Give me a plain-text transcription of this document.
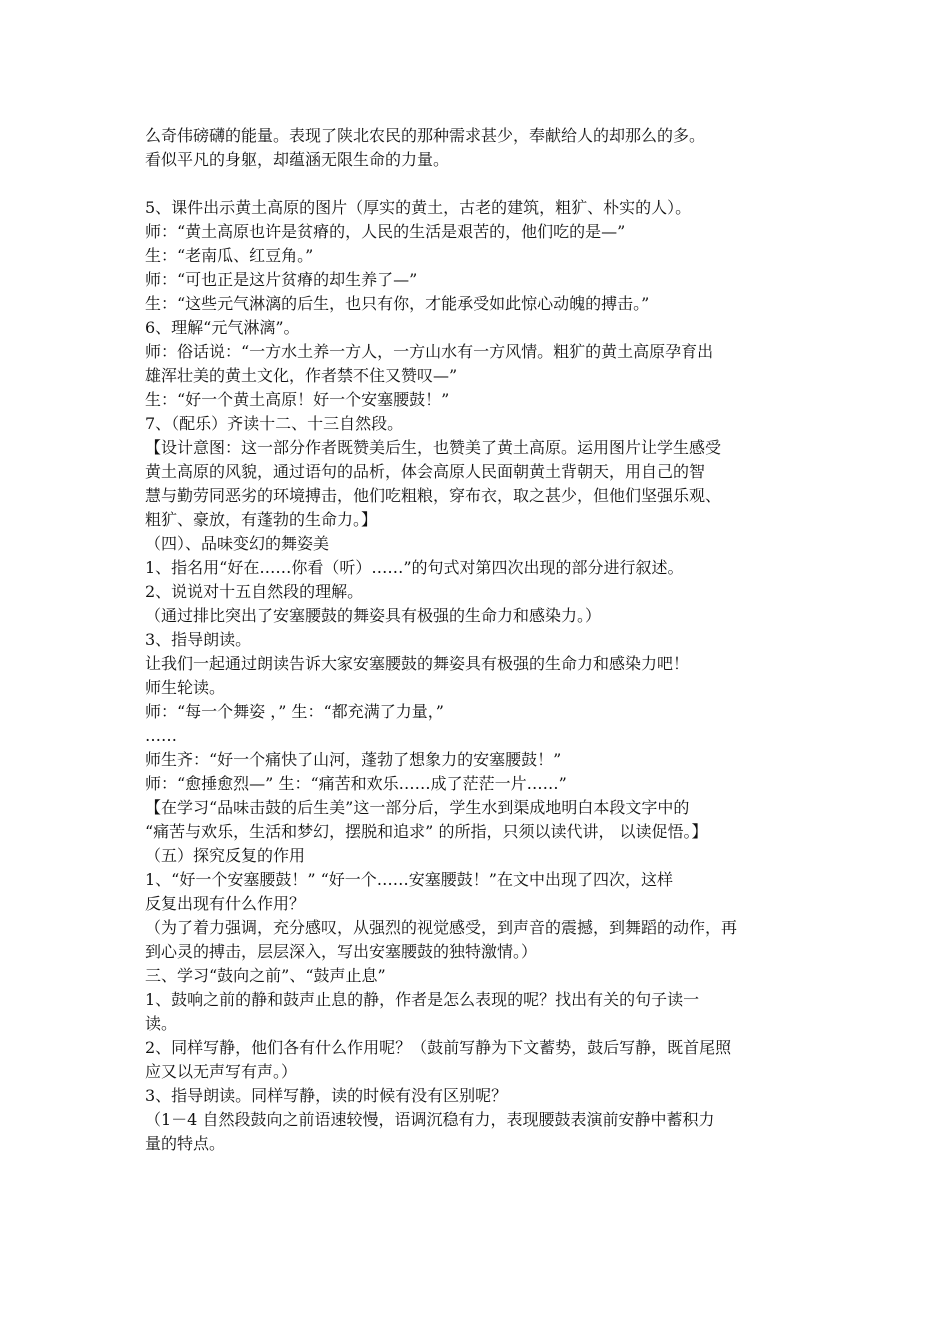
么奇伟磅礴的能量。表现了陕北农民的那种需求甚少，奉献给人的却那么的多。
看似平凡的身躯，却蕴涵无限生命的力量。
5、课件出示黄土高原的图片（厚实的黄土，古老的建筑，粗犷、朴实的人）。
师：“黄土高原也许是贫瘠的，人民的生活是艰苦的，他们吃的是—”
生：“老南瓜、红豆角。”
师：“可也正是这片贫瘠的却生养了—”
生：“这些元气淋漓的后生，也只有你，才能承受如此惊心动魄的搏击。”
6、理解“元气淋漓”。
师：俗话说：“一方水土养一方人，一方山水有一方风情。粗犷的黄土高原孕育出
雄浑壮美的黄土文化，作者禁不住又赞叹—”
生：“好一个黄土高原！好一个安塞腰鼓！”
7、（配乐）齐读十二、十三自然段。
【设计意图：这一部分作者既赞美后生，也赞美了黄土高原。运用图片让学生感受
黄土高原的风貌，通过语句的品析，体会高原人民面朝黄土背朝天，用自己的智
慧与勤劳同恶劣的环境搏击，他们吃粗粮，穿布衣，取之甚少，但他们坚强乐观、
粗犷、豪放，有蓬勃的生命力。】
（四）、品味变幻的舞姿美
1、指名用“好在……你看（听）……”的句式对第四次出现的部分进行叙述。
2、说说对十五自然段的理解。
（通过排比突出了安塞腰鼓的舞姿具有极强的生命力和感染力。）
3、指导朗读。
让我们一起通过朗读告诉大家安塞腰鼓的舞姿具有极强的生命力和感染力吧！
师生轮读。
师：“每一个舞姿 ，” 生：“都充满了力量，”
……
师生齐：“好一个痛快了山河，蓬勃了想象力的安塞腰鼓！”
师：“愈捶愈烈—” 生：“痛苦和欢乐……成了茫茫一片……”
【在学习“品味击鼓的后生美”这一部分后，学生水到渠成地明白本段文字中的
“痛苦与欢乐，生活和梦幻，摆脱和追求” 的所指，只须以读代讲， 以读促悟。】
（五）探究反复的作用
1、“好一个安塞腰鼓！” “好一个……安塞腰鼓！”在文中出现了四次，这样
反复出现有什么作用？
（为了着力强调，充分感叹，从强烈的视觉感受，到声音的震撼，到舞蹈的动作，再
到心灵的搏击，层层深入，写出安塞腰鼓的独特激情。）
三、学习“鼓向之前”、“鼓声止息”
1、鼓响之前的静和鼓声止息的静，作者是怎么表现的呢？找出有关的句子读一
读。
2、同样写静，他们各有什么作用呢？（鼓前写静为下文蓄势，鼓后写静，既首尾照
应又以无声写有声。）
3、指导朗读。同样写静，读的时候有没有区别呢？
（1－4 自然段鼓向之前语速较慢，语调沉稳有力，表现腰鼓表演前安静中蓄积力
量的特点。
